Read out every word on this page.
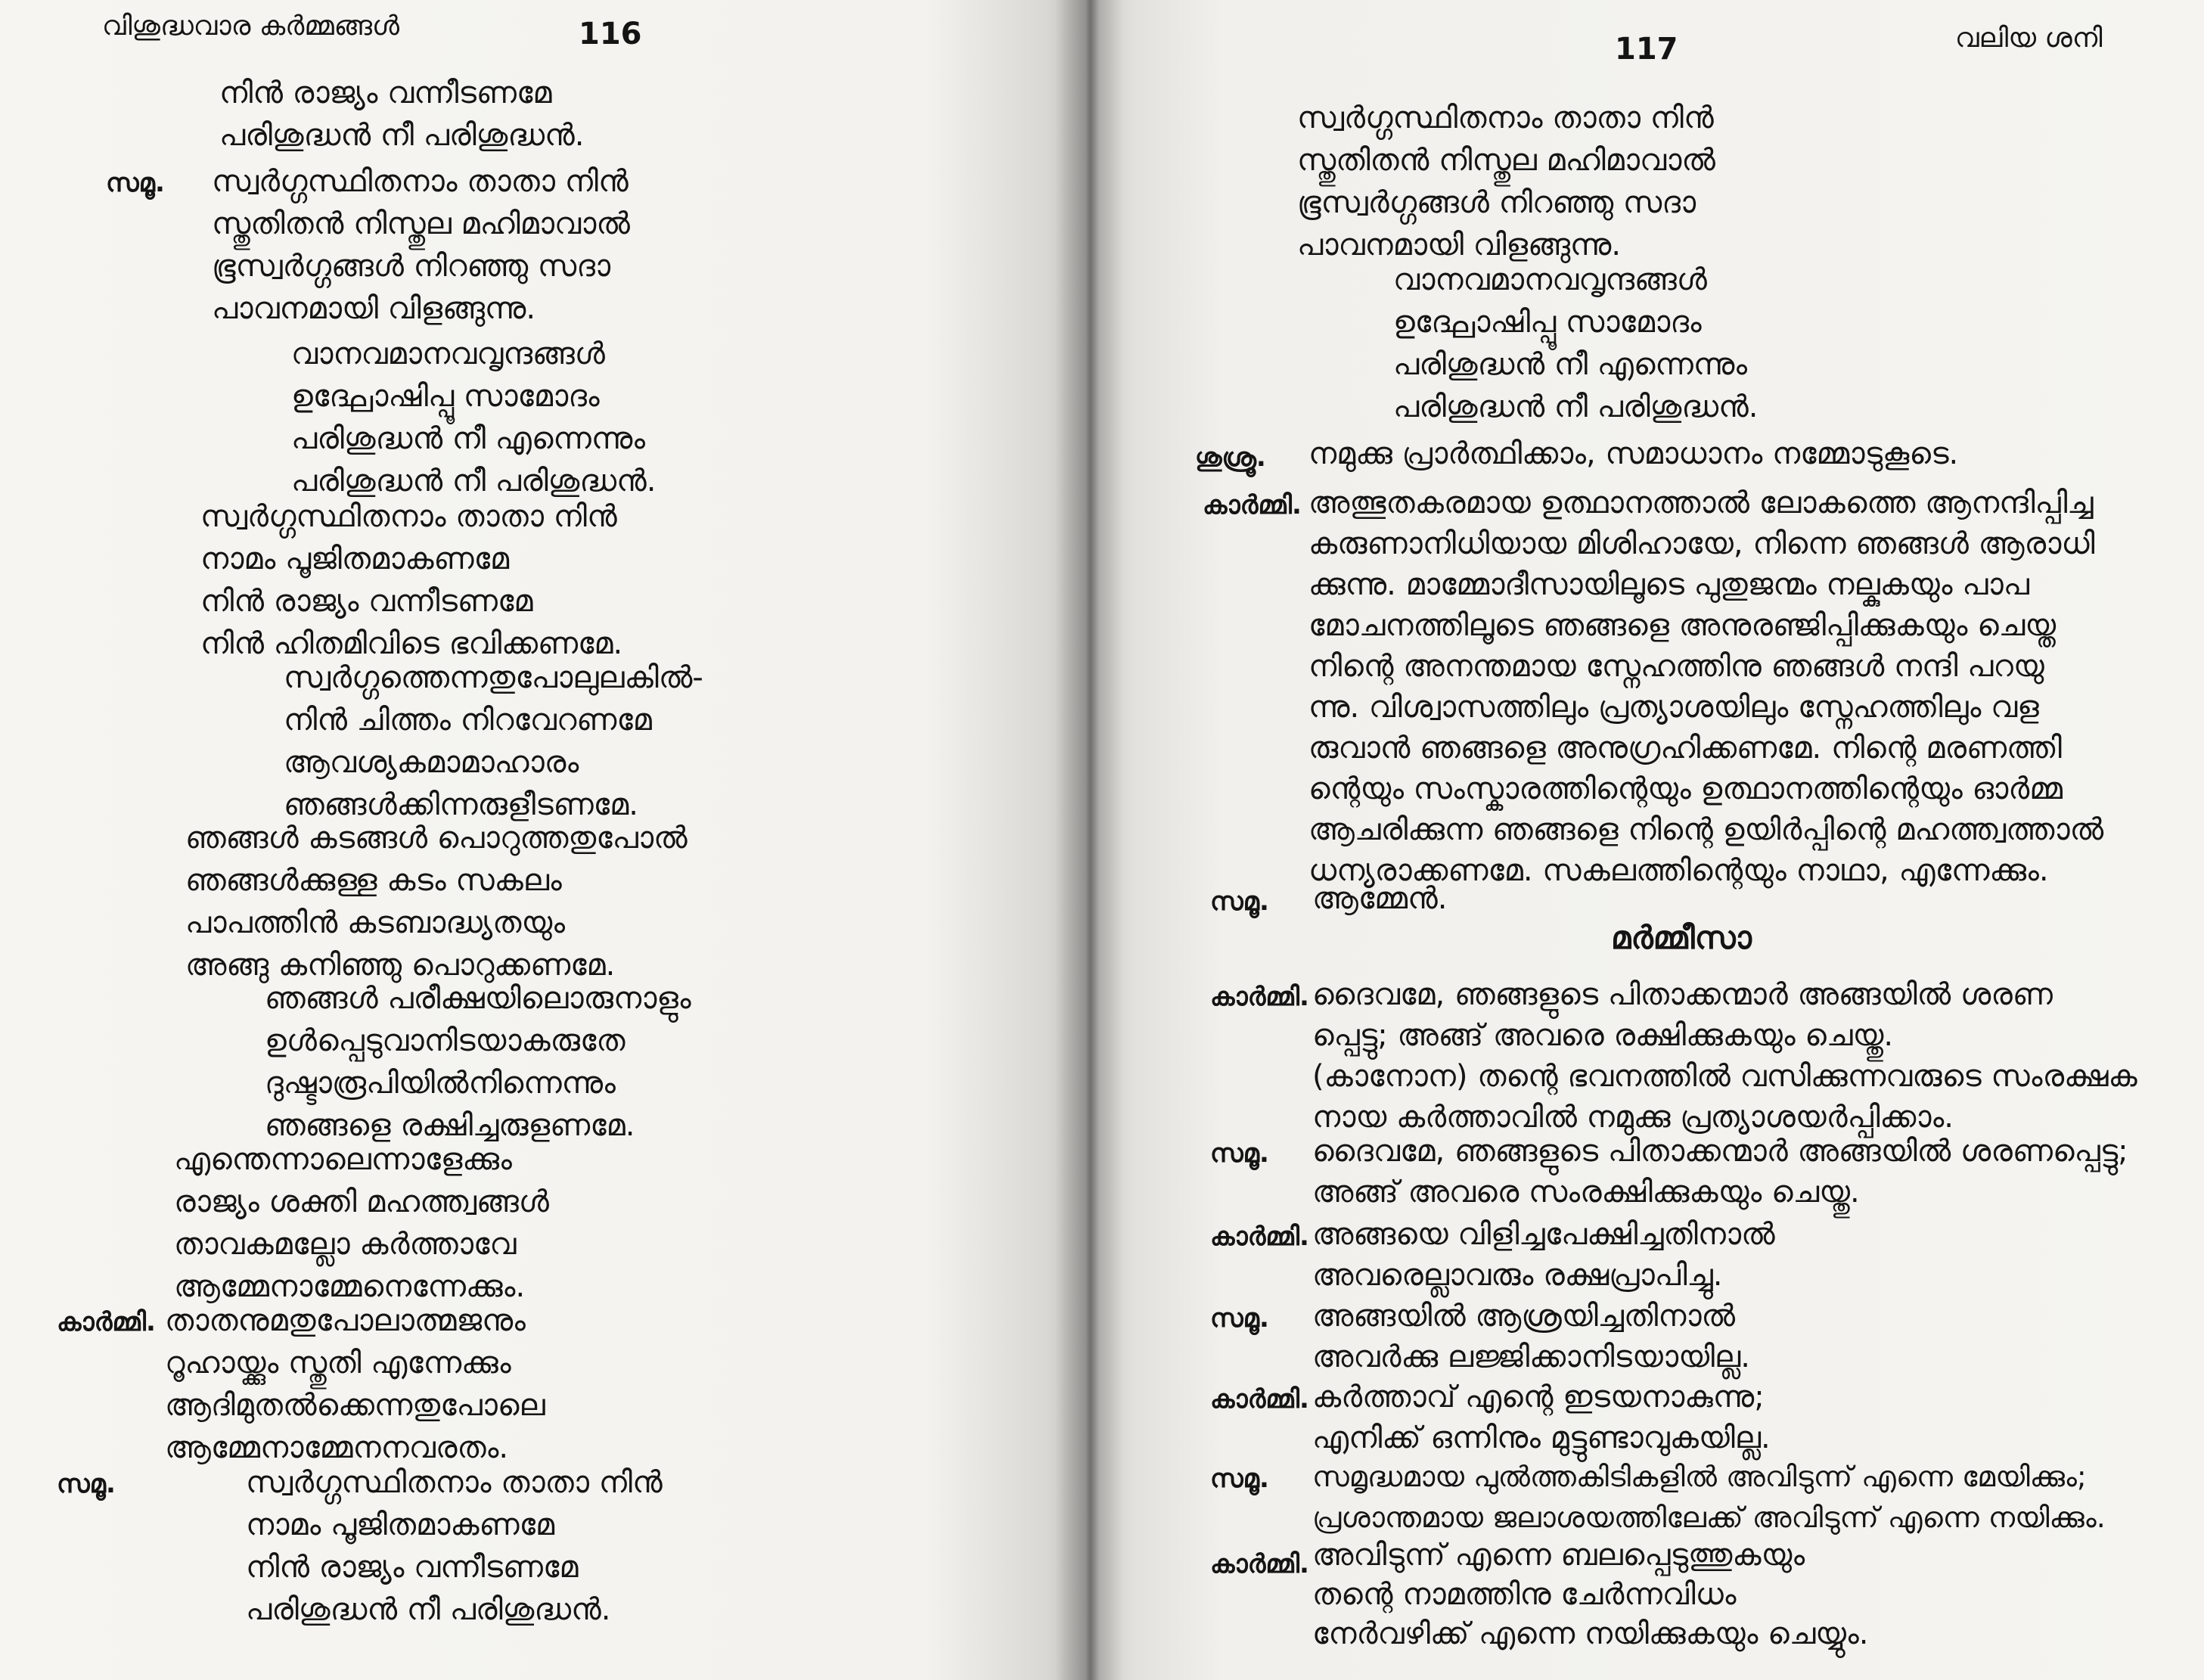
വിശുദ്ധവാര കർമ്മങ്ങൾ	116
നിൻ രാജ്യം വന്നീടണമേ
പരിശുദ്ധൻ നീ പരിശുദ്ധൻ.
സമൂ. സ്വർഗ്ഗസ്ഥിതനാം താതാ നിൻ
സ്തുതിതൻ നിസ്തുല മഹിമാവാൽ
ഭൂസ്വർഗ്ഗങ്ങൾ നിറഞ്ഞു സദാ
പാവനമായി വിളങ്ങുന്നു.
വാനവമാനവവൃന്ദങ്ങൾ
ഉദ്ഘോഷിപ്പൂ സാമോദം
പരിശുദ്ധൻ നീ എന്നെന്നും
പരിശുദ്ധൻ നീ പരിശുദ്ധൻ.
സ്വർഗ്ഗസ്ഥിതനാം താതാ നിൻ
നാമം പൂജിതമാകണമേ
നിൻ രാജ്യം വന്നീടണമേ
നിൻ ഹിതമിവിടെ ഭവിക്കണമേ.
സ്വർഗ്ഗത്തെന്നതുപോലുലകിൽ-
നിൻ ചിത്തം നിറവേറണമേ
ആവശ്യകമാമാഹാരം
ഞങ്ങൾക്കിന്നരുളീടണമേ.
ഞങ്ങൾ കടങ്ങൾ പൊറുത്തതുപോൽ
ഞങ്ങൾക്കുള്ള കടം സകലം
പാപത്തിൻ കടബാദ്ധ്യതയും
അങ്ങു കനിഞ്ഞു പൊറുക്കണമേ.
ഞങ്ങൾ പരീക്ഷയിലൊരുനാളും
ഉൾപ്പെടുവാനിടയാകരുതേ
ദുഷ്ടാരൂപിയിൽനിന്നെന്നും
ഞങ്ങളെ രക്ഷിച്ചരുളണമേ.
എന്തെന്നാലെന്നാളേക്കും
രാജ്യം ശക്തി മഹത്ത്വങ്ങൾ
താവകമല്ലോ കർത്താവേ
ആമ്മേനാമ്മേനെന്നേക്കും.
കാർമ്മി. താതനുമതുപോലാത്മജനും
റൂഹായ്ക്കും സ്തുതി എന്നേക്കും
ആദിമുതൽക്കെന്നതുപോലെ
ആമ്മേനാമ്മേനനവരതം.
സമൂ.	സ്വർഗ്ഗസ്ഥിതനാം താതാ നിൻ
നാമം പൂജിതമാകണമേ
നിൻ രാജ്യം വന്നീടണമേ
പരിശുദ്ധൻ നീ പരിശുദ്ധൻ.
117	വലിയ ശനി
സ്വർഗ്ഗസ്ഥിതനാം താതാ നിൻ
സ്തുതിതൻ നിസ്തുല മഹിമാവാൽ
ഭൂസ്വർഗ്ഗങ്ങൾ നിറഞ്ഞു സദാ
പാവനമായി വിളങ്ങുന്നു.
വാനവമാനവവൃന്ദങ്ങൾ
ഉദ്ഘോഷിപ്പൂ സാമോദം
പരിശുദ്ധൻ നീ എന്നെന്നും
പരിശുദ്ധൻ നീ പരിശുദ്ധൻ.
ശുശ്രൂ. നമുക്കു പ്രാർത്ഥിക്കാം, സമാധാനം നമ്മോടുകൂടെ.
കാർമ്മി. അത്ഭുതകരമായ ഉത്ഥാനത്താൽ ലോകത്തെ ആനന്ദിപ്പിച്ച
കരുണാനിധിയായ മിശിഹായേ, നിന്നെ ഞങ്ങൾ ആരാധി
ക്കുന്നു. മാമ്മോദീസായിലൂടെ പുതുജന്മം നല്കുകയും പാപ
മോചനത്തിലൂടെ ഞങ്ങളെ അനുരഞ്ജിപ്പിക്കുകയും ചെയ്ത
നിന്റെ അനന്തമായ സ്നേഹത്തിനു ഞങ്ങൾ നന്ദി പറയു
ന്നു. വിശ്വാസത്തിലും പ്രത്യാശയിലും സ്നേഹത്തിലും വള
രുവാൻ ഞങ്ങളെ അനുഗ്രഹിക്കണമേ. നിന്റെ മരണത്തി
ന്റെയും സംസ്കാരത്തിന്റെയും ഉത്ഥാനത്തിന്റെയും ഓർമ്മ
ആചരിക്കുന്ന ഞങ്ങളെ നിന്റെ ഉയിർപ്പിന്റെ മഹത്ത്വത്താൽ
ധന്യരാക്കണമേ. സകലത്തിന്റെയും നാഥാ, എന്നേക്കും.
സമൂ. ആമ്മേൻ.
മർമ്മീസാ
കാർമ്മി. ദൈവമേ, ഞങ്ങളുടെ പിതാക്കന്മാർ അങ്ങയിൽ ശരണ
പ്പെട്ടു; അങ്ങ് അവരെ രക്ഷിക്കുകയും ചെയ്തു.
(കാനോന) തന്റെ ഭവനത്തിൽ വസിക്കുന്നവരുടെ സംരക്ഷക
നായ കർത്താവിൽ നമുക്കു പ്രത്യാശയർപ്പിക്കാം.
സമൂ. ദൈവമേ, ഞങ്ങളുടെ പിതാക്കന്മാർ അങ്ങയിൽ ശരണപ്പെട്ടു;
അങ്ങ് അവരെ സംരക്ഷിക്കുകയും ചെയ്തു.
കാർമ്മി. അങ്ങയെ വിളിച്ചപേക്ഷിച്ചതിനാൽ
അവരെല്ലാവരും രക്ഷപ്രാപിച്ചു.
സമൂ. അങ്ങയിൽ ആശ്രയിച്ചതിനാൽ
അവർക്കു ലജ്ജിക്കാനിടയായില്ല.
കാർമ്മി. കർത്താവ് എന്റെ ഇടയനാകുന്നു;
എനിക്ക് ഒന്നിനും മുട്ടുണ്ടാവുകയില്ല.
സമൂ. സമൃദ്ധമായ പുൽത്തകിടികളിൽ അവിടുന്ന് എന്നെ മേയിക്കും;
പ്രശാന്തമായ ജലാശയത്തിലേക്ക് അവിടുന്ന് എന്നെ നയിക്കും.
കാർമ്മി. അവിടുന്ന് എന്നെ ബലപ്പെടുത്തുകയും
തന്റെ നാമത്തിനു ചേർന്നവിധം
നേർവഴിക്ക് എന്നെ നയിക്കുകയും ചെയ്യും.
